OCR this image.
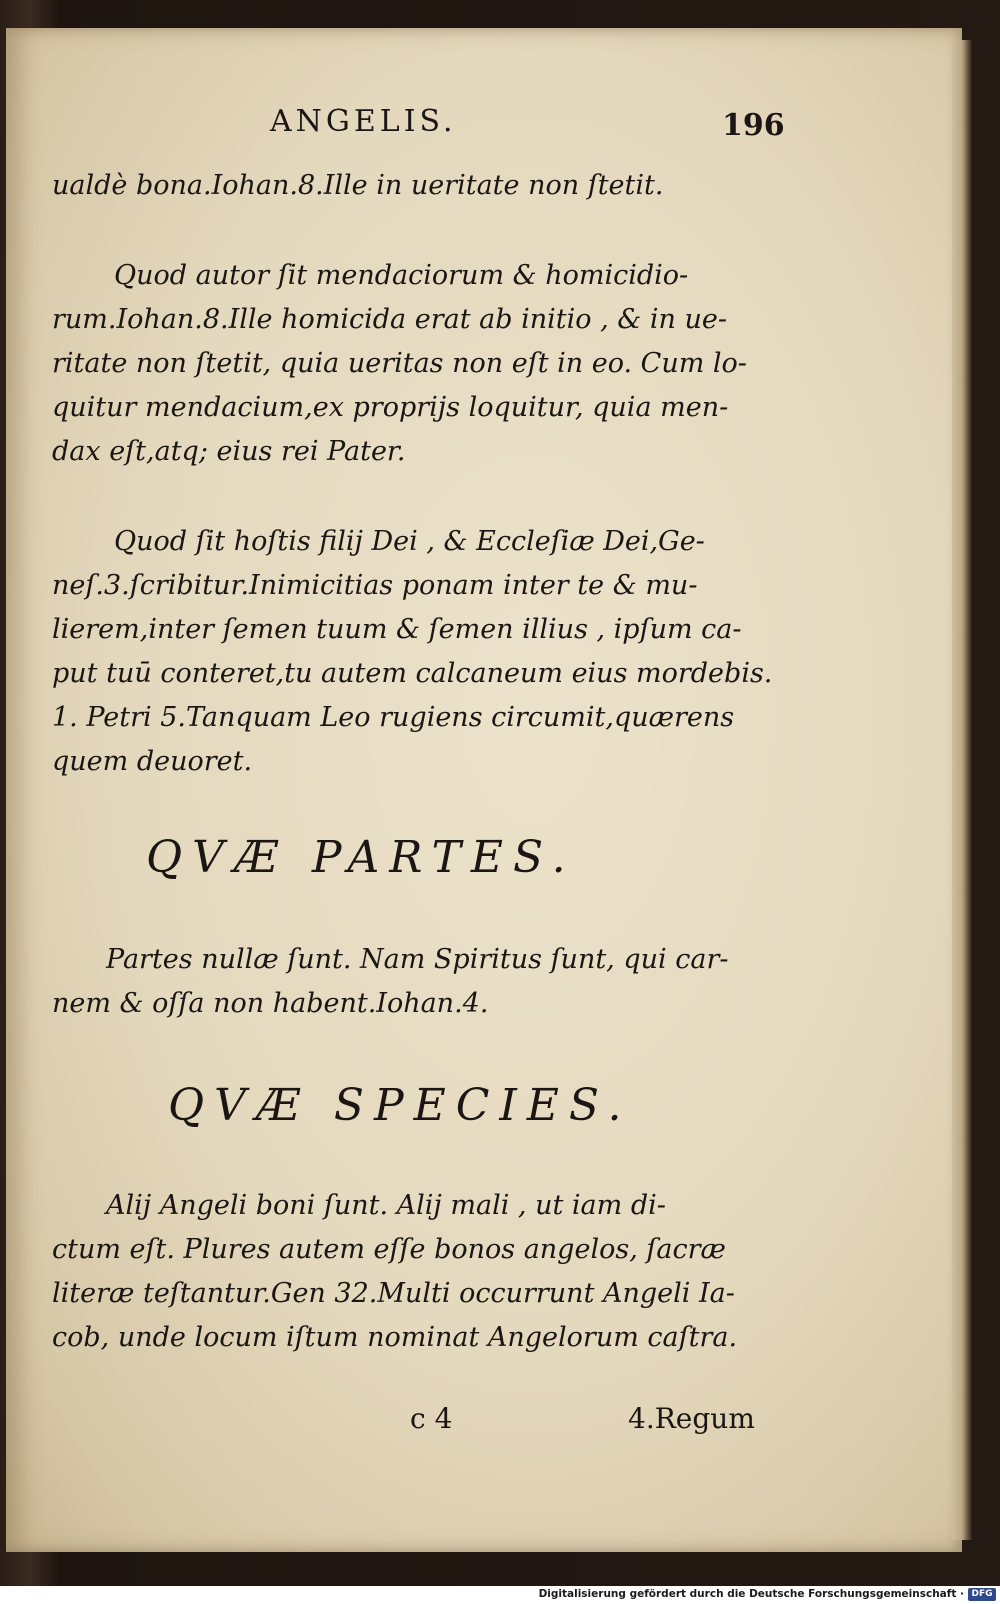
ANGELIS.	196
ualdè bona.Iohan.8.Ille in ueritate non ſtetit.
Quod autor ſit mendaciorum & homicidio-
rum.Iohan.8.Ille homicida erat ab initio , & in ue-
ritate non ſtetit, quia ueritas non eſt in eo. Cum lo-
quitur mendacium,ex proprijs loquitur, quia men-
dax eſt,atq; eius rei Pater.
Quod ſit hoſtis filij Dei , & Eccleſiæ Dei,Ge-
neſ.3.ſcribitur.Inimicitias ponam inter te & mu-
lierem,inter ſemen tuum & ſemen illius , ipſum ca-
put tuū conteret,tu autem calcaneum eius mordebis.
1. Petri 5.Tanquam Leo rugiens circumit,quærens
quem deuoret.
QVÆ PARTES.
Partes nullæ ſunt. Nam Spiritus ſunt, qui car-
nem & oſſa non habent.Iohan.4.
QVÆ SPECIES.
Alij Angeli boni ſunt. Alij mali , ut iam di-
ctum eſt. Plures autem eſſe bonos angelos, ſacræ
literæ teſtantur.Gen 32.Multi occurrunt Angeli Ia-
cob, unde locum iſtum nominat Angelorum caſtra.
c 4	4.Regum
Digitalisierung gefördert durch die Deutsche Forschungsgemeinschaft · DFG
